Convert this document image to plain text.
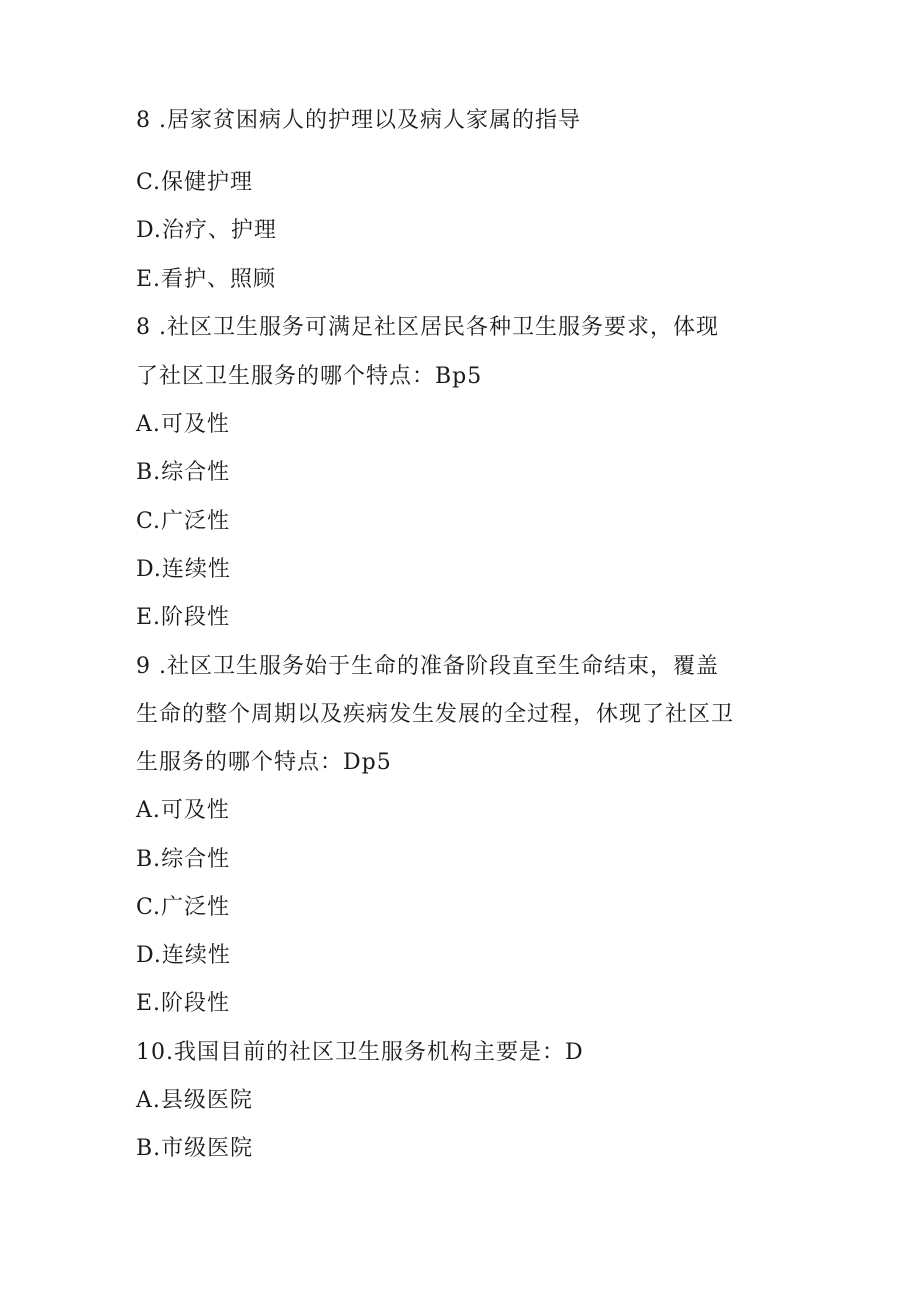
8 .居家贫困病人的护理以及病人家属的指导
C.保健护理
D.治疗、护理
E.看护、照顾
8 .社区卫生服务可满足社区居民各种卫生服务要求，体现
了社区卫生服务的哪个特点：Bp5
A.可及性
B.综合性
C.广泛性
D.连续性
E.阶段性
9 .社区卫生服务始于生命的准备阶段直至生命结束，覆盖
生命的整个周期以及疾病发生发展的全过程，休现了社区卫
生服务的哪个特点：Dp5
A.可及性
B.综合性
C.广泛性
D.连续性
E.阶段性
10.我国目前的社区卫生服务机构主要是：D
A.县级医院
B.市级医院
